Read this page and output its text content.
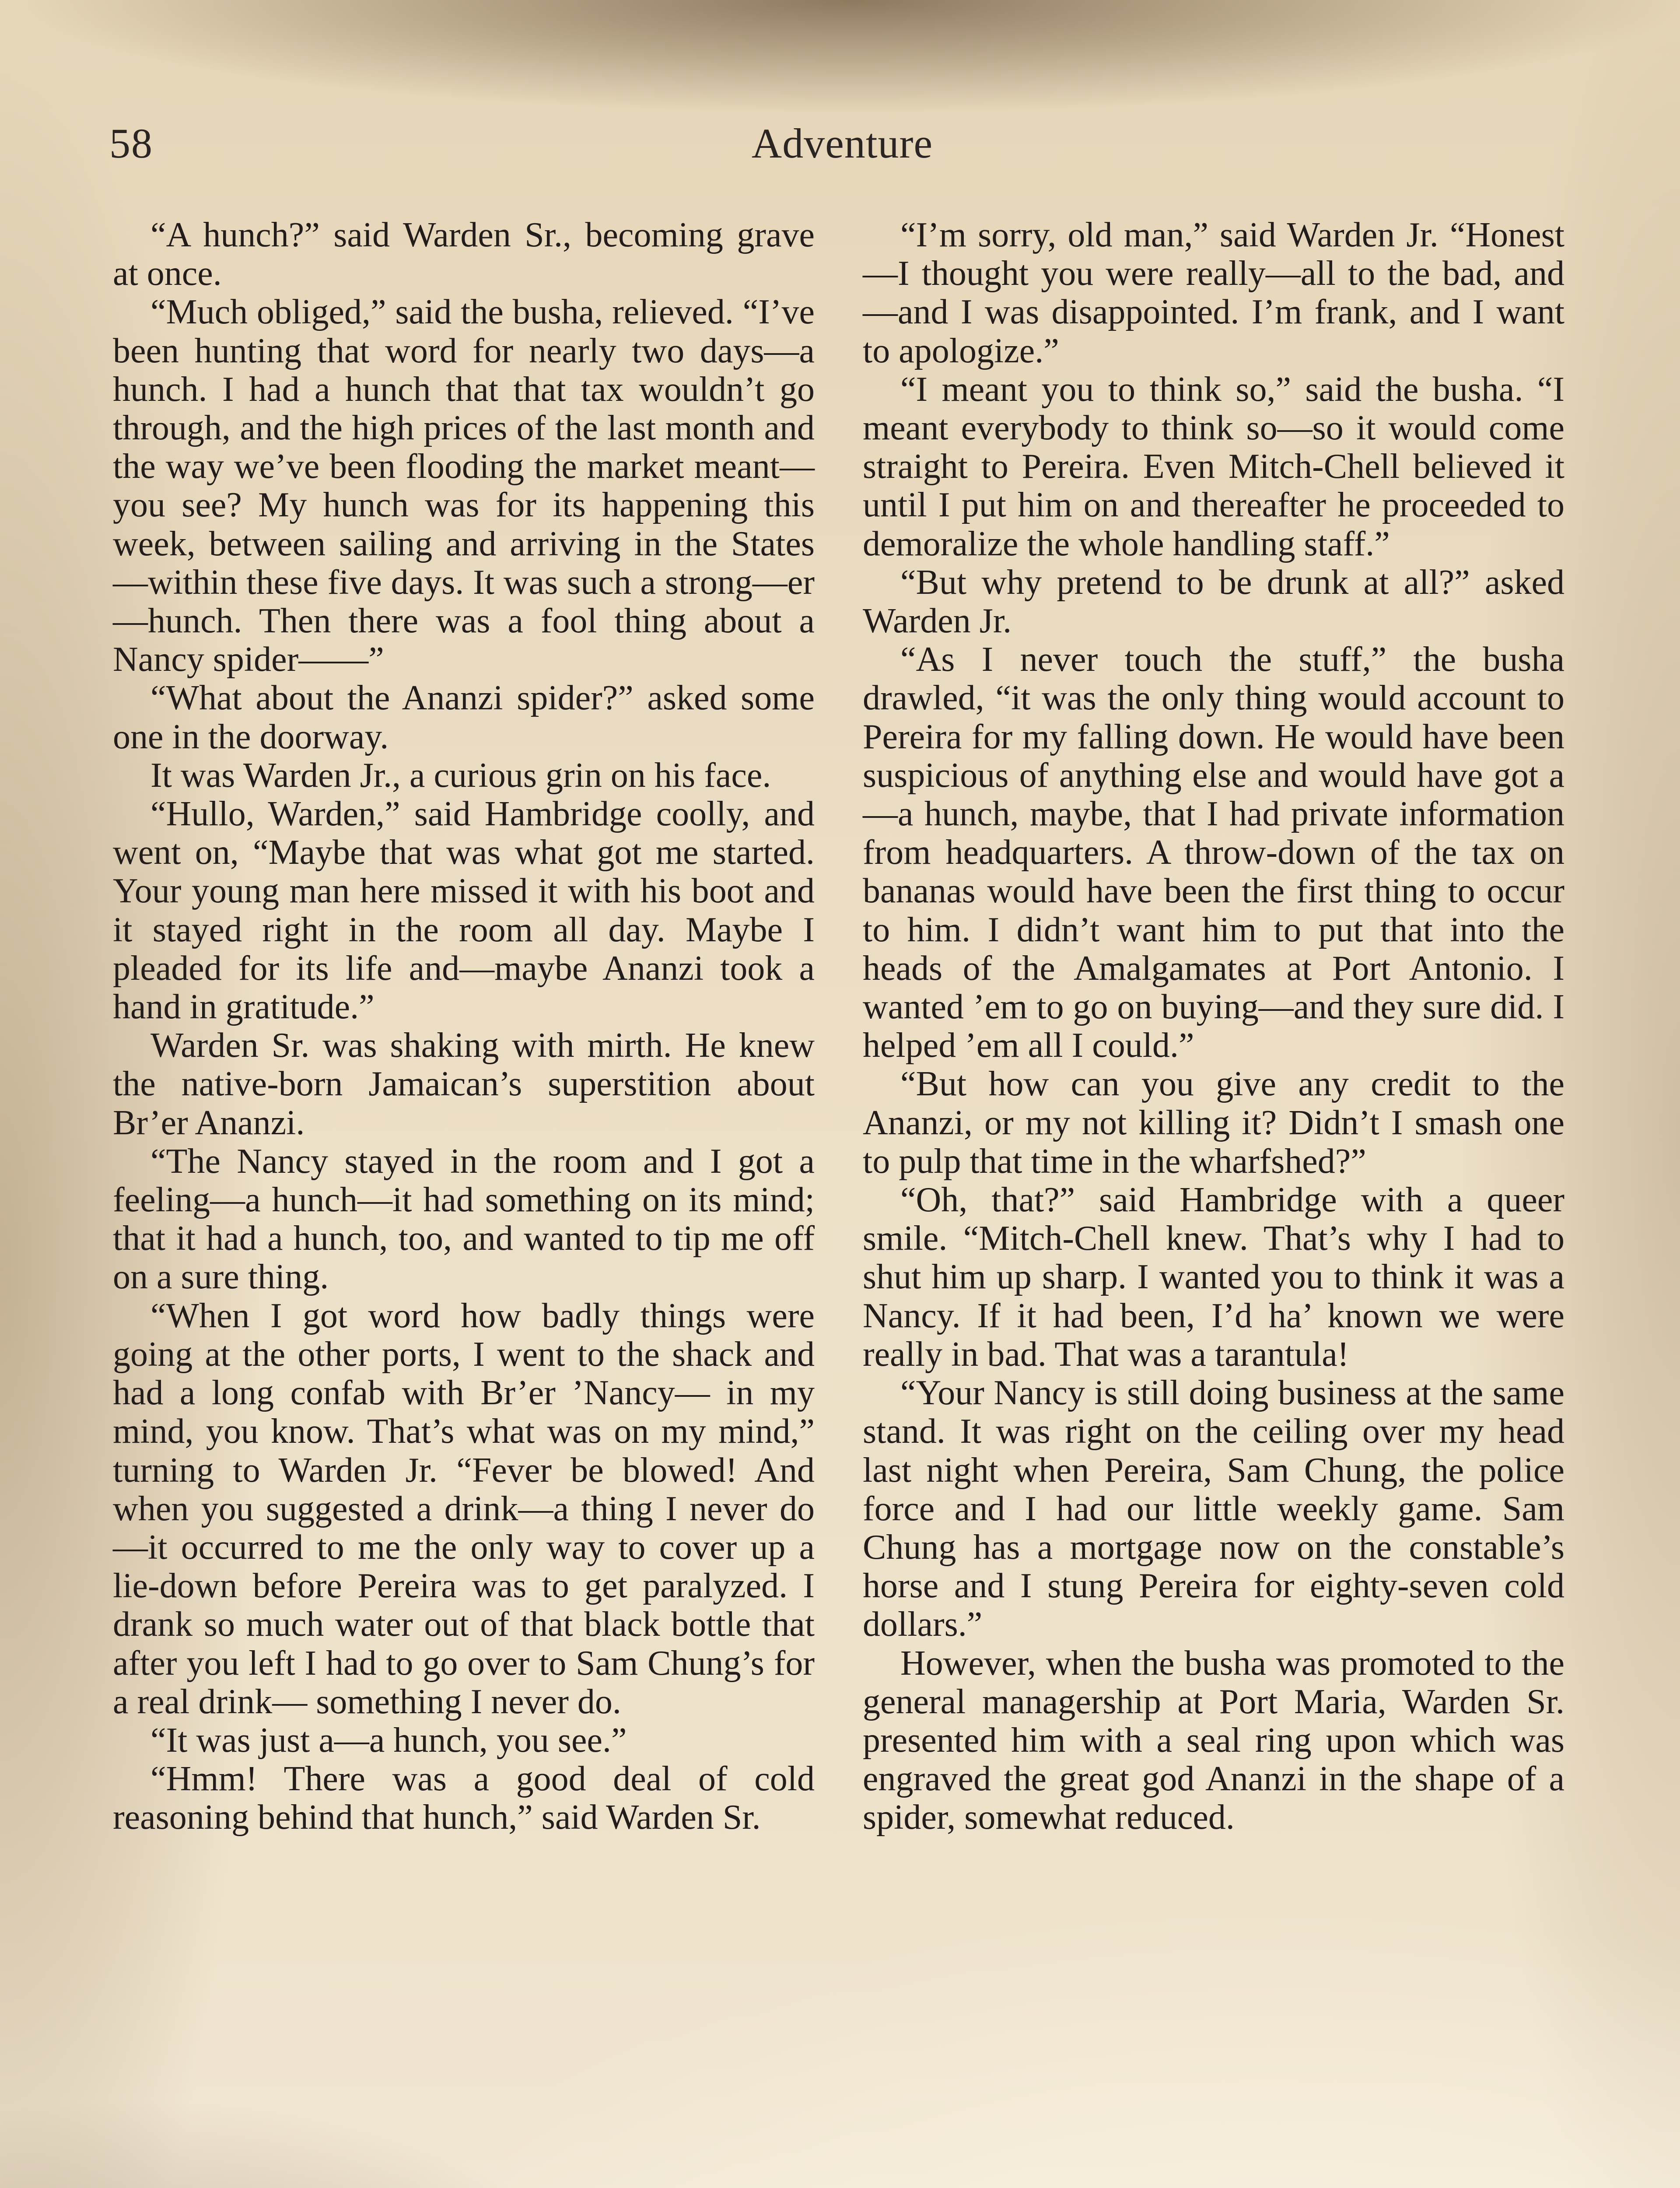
58	Adventure

“A hunch?” said Warden Sr., becoming grave at once.

“Much obliged,” said the busha, relieved. “I’ve been hunting that word for nearly two days—a hunch. I had a hunch that that tax wouldn’t go through, and the high prices of the last month and the way we’ve been flooding the market meant— you see? My hunch was for its happening this week, between sailing and arriving in the States—within these five days. It was such a strong—er—hunch. Then there was a fool thing about a Nancy spider——”

“What about the Ananzi spider?” asked some one in the doorway.

It was Warden Jr., a curious grin on his face.

“Hullo, Warden,” said Hambridge coolly, and went on, “Maybe that was what got me started. Your young man here missed it with his boot and it stayed right in the room all day. Maybe I pleaded for its life and—maybe Ananzi took a hand in gratitude.”

Warden Sr. was shaking with mirth. He knew the native-born Jamaican’s superstition about Br’er Ananzi.

“The Nancy stayed in the room and I got a feeling—a hunch—it had something on its mind; that it had a hunch, too, and wanted to tip me off on a sure thing.

“When I got word how badly things were going at the other ports, I went to the shack and had a long confab with Br’er ’Nancy— in my mind, you know. That’s what was on my mind,” turning to Warden Jr. “Fever be blowed! And when you suggested a drink—a thing I never do—it occurred to me the only way to cover up a lie-down before Pereira was to get paralyzed. I drank so much water out of that black bottle that after you left I had to go over to Sam Chung’s for a real drink— something I never do.

“It was just a—a hunch, you see.”

“Hmm! There was a good deal of cold reasoning behind that hunch,” said Warden Sr.

“I’m sorry, old man,” said Warden Jr. “Honest—I thought you were really—all to the bad, and—and I was disappointed. I’m frank, and I want to apologize.”

“I meant you to think so,” said the busha. “I meant everybody to think so—so it would come straight to Pereira. Even Mitch-Chell believed it until I put him on and thereafter he proceeded to demoralize the whole handling staff.”

“But why pretend to be drunk at all?” asked Warden Jr.

“As I never touch the stuff,” the busha drawled, “it was the only thing would account to Pereira for my falling down. He would have been suspicious of anything else and would have got a—a hunch, maybe, that I had private information from headquarters. A throw-down of the tax on bananas would have been the first thing to occur to him. I didn’t want him to put that into the heads of the Amalgamates at Port Antonio. I wanted ’em to go on buying—and they sure did. I helped ’em all I could.”

“But how can you give any credit to the Ananzi, or my not killing it? Didn’t I smash one to pulp that time in the wharfshed?”

“Oh, that?” said Hambridge with a queer smile. “Mitch-Chell knew. That’s why I had to shut him up sharp. I wanted you to think it was a Nancy. If it had been, I’d ha’ known we were really in bad. That was a tarantula!

“Your Nancy is still doing business at the same stand. It was right on the ceiling over my head last night when Pereira, Sam Chung, the police force and I had our little weekly game. Sam Chung has a mortgage now on the constable’s horse and I stung Pereira for eighty-seven cold dollars.”

However, when the busha was promoted to the general managership at Port Maria, Warden Sr. presented him with a seal ring upon which was engraved the great god Ananzi in the shape of a spider, somewhat reduced.
